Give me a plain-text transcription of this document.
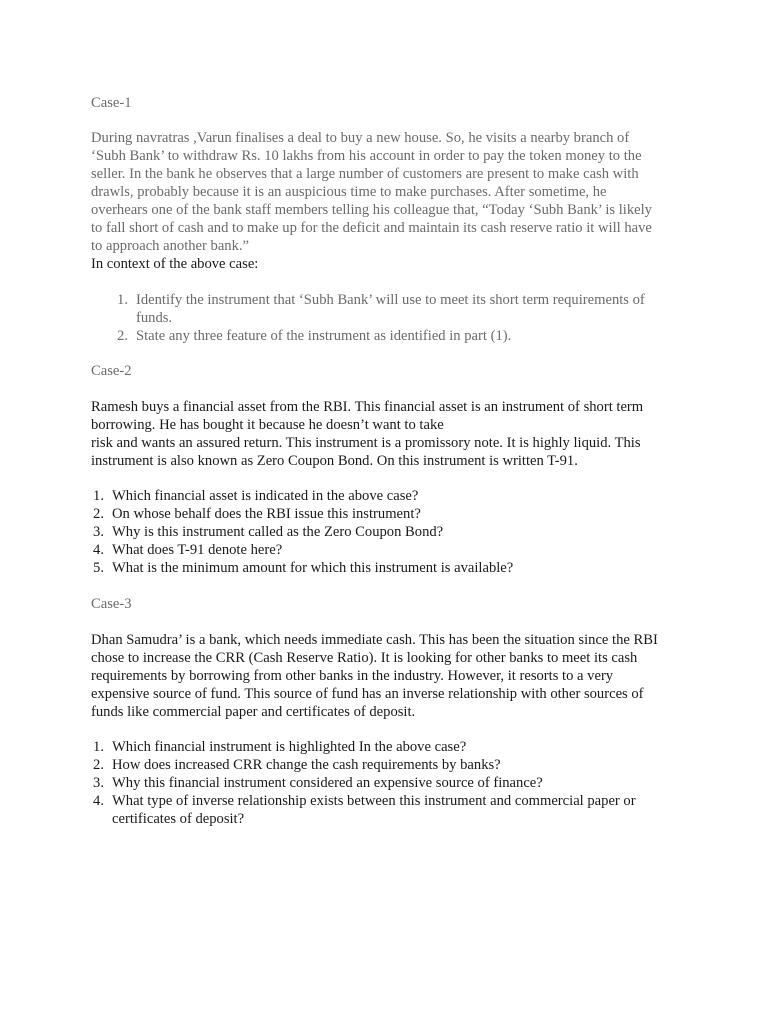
Case-1
During navratras ,Varun finalises a deal to buy a new house. So, he visits a nearby branch of
‘Subh Bank’ to withdraw Rs. 10 lakhs from his account in order to pay the token money to the
seller. In the bank he observes that a large number of customers are present to make cash with
drawls, probably because it is an auspicious time to make purchases. After sometime, he
overhears one of the bank staff members telling his colleague that, “Today ‘Subh Bank’ is likely
to fall short of cash and to make up for the deficit and maintain its cash reserve ratio it will have
to approach another bank.”
In context of the above case:
1. Identify the instrument that ‘Subh Bank’ will use to meet its short term requirements of
funds.
2. State any three feature of the instrument as identified in part (1).
Case-2
Ramesh buys a financial asset from the RBI. This financial asset is an instrument of short term
borrowing. He has bought it because he doesn’t want to take
risk and wants an assured return. This instrument is a promissory note. It is highly liquid. This
instrument is also known as Zero Coupon Bond. On this instrument is written T-91.
1. Which financial asset is indicated in the above case?
2. On whose behalf does the RBI issue this instrument?
3. Why is this instrument called as the Zero Coupon Bond?
4. What does T-91 denote here?
5. What is the minimum amount for which this instrument is available?
Case-3
Dhan Samudra’ is a bank, which needs immediate cash. This has been the situation since the RBI
chose to increase the CRR (Cash Reserve Ratio). It is looking for other banks to meet its cash
requirements by borrowing from other banks in the industry. However, it resorts to a very
expensive source of fund. This source of fund has an inverse relationship with other sources of
funds like commercial paper and certificates of deposit.
1. Which financial instrument is highlighted In the above case?
2. How does increased CRR change the cash requirements by banks?
3. Why this financial instrument considered an expensive source of finance?
4. What type of inverse relationship exists between this instrument and commercial paper or
certificates of deposit?
